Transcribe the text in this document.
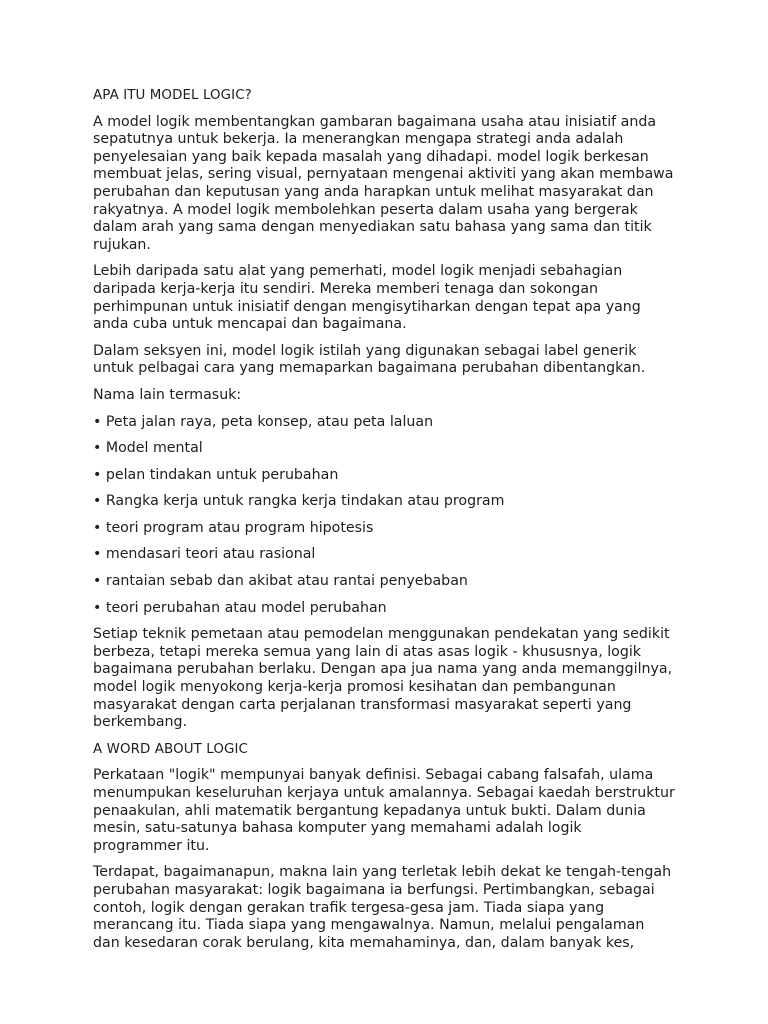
APA ITU MODEL LOGIC?
A model logik membentangkan gambaran bagaimana usaha atau inisiatif anda
sepatutnya untuk bekerja. Ia menerangkan mengapa strategi anda adalah
penyelesaian yang baik kepada masalah yang dihadapi. model logik berkesan
membuat jelas, sering visual, pernyataan mengenai aktiviti yang akan membawa
perubahan dan keputusan yang anda harapkan untuk melihat masyarakat dan
rakyatnya. A model logik membolehkan peserta dalam usaha yang bergerak
dalam arah yang sama dengan menyediakan satu bahasa yang sama dan titik
rujukan.
Lebih daripada satu alat yang pemerhati, model logik menjadi sebahagian
daripada kerja-kerja itu sendiri. Mereka memberi tenaga dan sokongan
perhimpunan untuk inisiatif dengan mengisytiharkan dengan tepat apa yang
anda cuba untuk mencapai dan bagaimana.
Dalam seksyen ini, model logik istilah yang digunakan sebagai label generik
untuk pelbagai cara yang memaparkan bagaimana perubahan dibentangkan.
Nama lain termasuk:
• Peta jalan raya, peta konsep, atau peta laluan
• Model mental
• pelan tindakan untuk perubahan
• Rangka kerja untuk rangka kerja tindakan atau program
• teori program atau program hipotesis
• mendasari teori atau rasional
• rantaian sebab dan akibat atau rantai penyebaban
• teori perubahan atau model perubahan
Setiap teknik pemetaan atau pemodelan menggunakan pendekatan yang sedikit
berbeza, tetapi mereka semua yang lain di atas asas logik - khususnya, logik
bagaimana perubahan berlaku. Dengan apa jua nama yang anda memanggilnya,
model logik menyokong kerja-kerja promosi kesihatan dan pembangunan
masyarakat dengan carta perjalanan transformasi masyarakat seperti yang
berkembang.
A WORD ABOUT LOGIC
Perkataan "logik" mempunyai banyak definisi. Sebagai cabang falsafah, ulama
menumpukan keseluruhan kerjaya untuk amalannya. Sebagai kaedah berstruktur
penaakulan, ahli matematik bergantung kepadanya untuk bukti. Dalam dunia
mesin, satu-satunya bahasa komputer yang memahami adalah logik
programmer itu.
Terdapat, bagaimanapun, makna lain yang terletak lebih dekat ke tengah-tengah
perubahan masyarakat: logik bagaimana ia berfungsi. Pertimbangkan, sebagai
contoh, logik dengan gerakan trafik tergesa-gesa jam. Tiada siapa yang
merancang itu. Tiada siapa yang mengawalnya. Namun, melalui pengalaman
dan kesedaran corak berulang, kita memahaminya, dan, dalam banyak kes,
